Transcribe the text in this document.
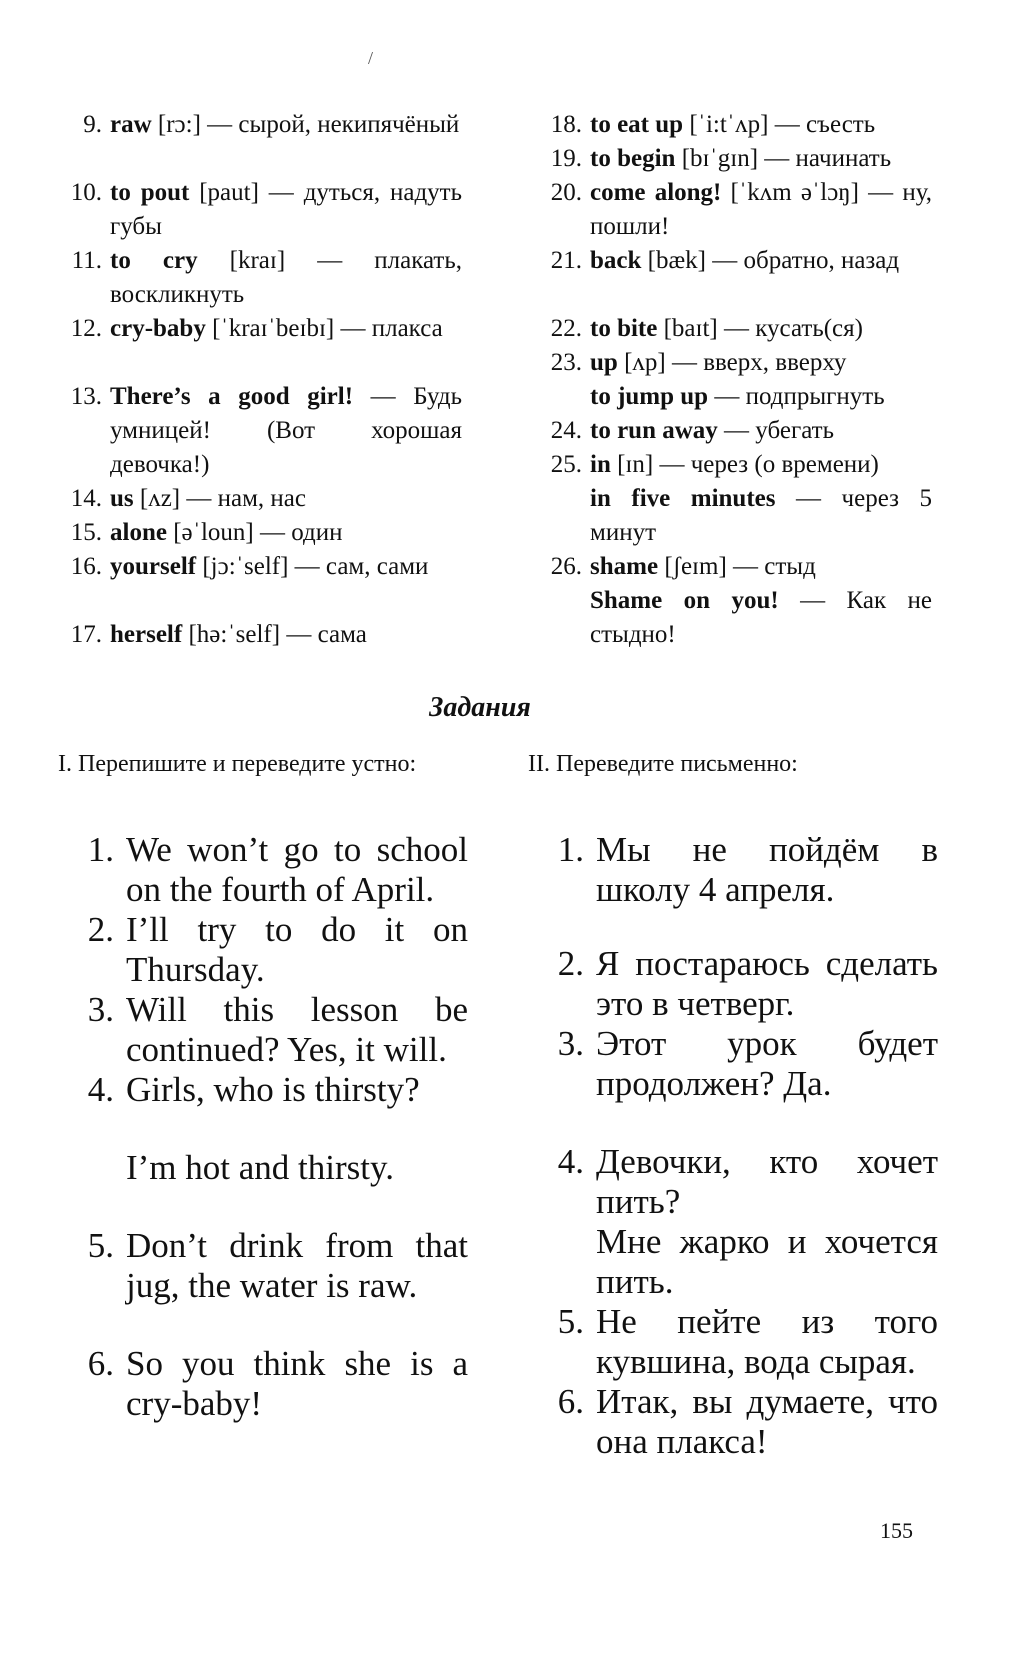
/
9. raw [rɔ:] — сырой, некипячёный
10. to pout [paut] — дуться, надуть губы
11. to cry [kraɪ] — плакать, воскликнуть
12. cry-baby [ˈkraɪˈbeɪbɪ] — плакса
13. There’s a good girl! — Будь умницей! (Вот хорошая девочка!)
14. us [ʌz] — нам, нас
15. alone [əˈloun] — один
16. yourself [jɔ:ˈself] — сам, сами
17. herself [hə:ˈself] — сама
18. to eat up [ˈi:tˈʌp] — съесть
19. to begin [bɪˈgɪn] — начинать
20. come along! [ˈkʌm əˈlɔŋ] — ну, пошли!
21. back [bæk] — обратно, назад
22. to bite [baɪt] — кусать(ся)
23. up [ʌp] — вверх, вверху
to jump up — подпрыгнуть
24. to run away — убегать
25. in [ɪn] — через (о времени)
in five minutes — через 5 минут
26. shame [ʃeɪm] — стыд
Shame on you! — Как не стыдно!
Задания
I. Перепишите и переведите устно:
1. We won’t go to school on the fourth of April.
2. I’ll try to do it on Thursday.
3. Will this lesson be continued? Yes, it will.
4. Girls, who is thirsty?
I’m hot and thirsty.
5. Don’t drink from that jug, the water is raw.
6. So you think she is a cry-baby!
II. Переведите письменно:
1. Мы не пойдём в школу 4 апреля.
2. Я постараюсь сделать это в четверг.
3. Этот урок будет продолжен? Да.
4. Девочки, кто хочет пить?
Мне жарко и хочется пить.
5. Не пейте из того кувшина, вода сырая.
6. Итак, вы думаете, что она плакса!
155
